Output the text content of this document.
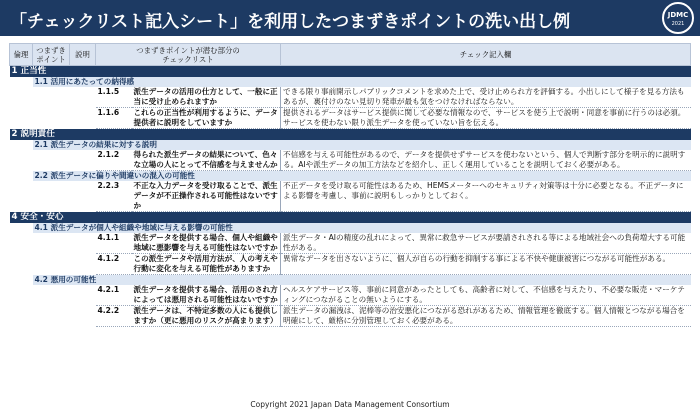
「チェックリスト記入シート」を利用したつまずきポイントの洗い出し例	JDMC
2021
倫理	つまずき
ポイント	説明	つまずきポイントが潜む部分の
チェックリスト		チェック記入欄
1 正当性					
	1.1 活用にあたっての納得感				
			1.1.5	派生データの活用の仕方として、一般に正当に受け止められますか	できる限り事前開示しパブリックコメントを求めた上で、受け止められ方を評価する。小出しにして様子を見る方法もあるが、裏付けのない見切り発車が最も気をつけなければならない。
			1.1.6	これらの正当性が利用するように、データ提供者に説明をしていますか	提供されるデータはサービス提供に関して必要な情報なので、サービスを使う上で説明・同意を事前に行うのは必須。サービスを使わない限り派生データを使っていない旨を伝える。
2 説明責任					
	2.1 派生データの結果に対する説明				
			2.1.2	得られた派生データの結果について、色々な立場の人にとって不信感を与えませんか	不信感を与える可能性があるので、データを提供せずサービスを使わないという、個人で判断す部分を明示的に説明する。AIや派生データの加工方法などを紹介し、正しく運用していることを説明しておく必要がある。
	2.2 派生データに偏りや間違いの混入の可能性				
			2.2.3	不正な入力データを受け取ることで、派生データが不正操作される可能性はないですか	不正データを受け取る可能性はあるため、HEMSメーターへのセキュリティ対策等は十分に必要となる。不正データによる影響を考慮し、事前に説明もしっかりとしておく。
4 安全・安心					
	4.1 派生データが個人や組織や地域に与える影響の可能性				
			4.1.1	派生データを提供する場合、個人や組織や地域に悪影響を与える可能性はないですか	派生データ・AIの精度の乱れによって、異常に救急サービスが要請されされる等による地域社会への負荷増大する可能性がある。
			4.1.2	この派生データや活用方法が、人の考えや行動に変化を与える可能性がありますか	異常なデータを出さないように、個人が自らの行動を抑制する事による不快や健康被害につながる可能性がある。
	4.2 悪用の可能性				
			4.2.1	派生データを提供する場合、活用のされ方によっては悪用される可能性はないですか	ヘルスケアサービス等、事前に同意があったとしても、高齢者に対して、不信感を与えたり、不必要な販売・マーケティングにつながることの無いようにする。
			4.2.2	派生データは、不特定多数の人にも提供しますか（更に悪用のリスクが高まります）	派生データの漏洩は、泥棒等の治安悪化につながる恐れがあるため、情報管理を徹底する。個人情報とつながる場合を明確にして、厳格に分別管理しておく必要がある。
Copyright 2021 Japan Data Management Consortium
